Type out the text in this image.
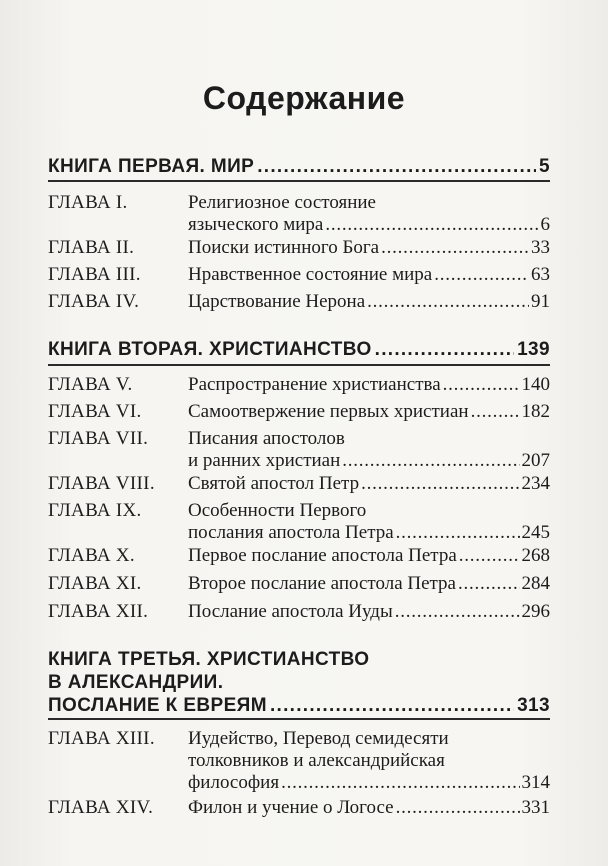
Содержание
КНИГА ПЕРВАЯ. МИР . . .	5
ГЛАВА I.	Религиозное состояние
языческого мира . . .	6
ГЛАВА II.	Поиски истинного Бога . . .	33
ГЛАВА III. Нравственное состояние мира . . .	63
ГЛАВА IV.	Царствование Нерона . . .	91
КНИГА ВТОРАЯ. ХРИСТИАНСТВО . . .	139
ГЛАВА V.	Распространение христианства . . .	140
ГЛАВА VI. Самоотвержение первых христиан . . .	182
ГЛАВА VII. Писания апостолов
и ранних христиан . . .	207
ГЛАВА VIII. Святой апостол Петр . . .	234
ГЛАВА IX. Особенности Первого
послания апостола Петра . . .	245
ГЛАВА X.	Первое послание апостола Петра . . .	268
ГЛАВА XI. Второе послание апостола Петра . . .	284
ГЛАВА XII. Послание апостола Иуды . . .	296
КНИГА ТРЕТЬЯ. ХРИСТИАНСТВО
В АЛЕКСАНДРИИ.
ПОСЛАНИЕ К ЕВРЕЯМ . . .	313
ГЛАВА XIII. Иудейство, Перевод семидесяти
толковников и александрийская
философия . . .	314
ГЛАВА XIV. Филон и учение о Логосе . . .	331
